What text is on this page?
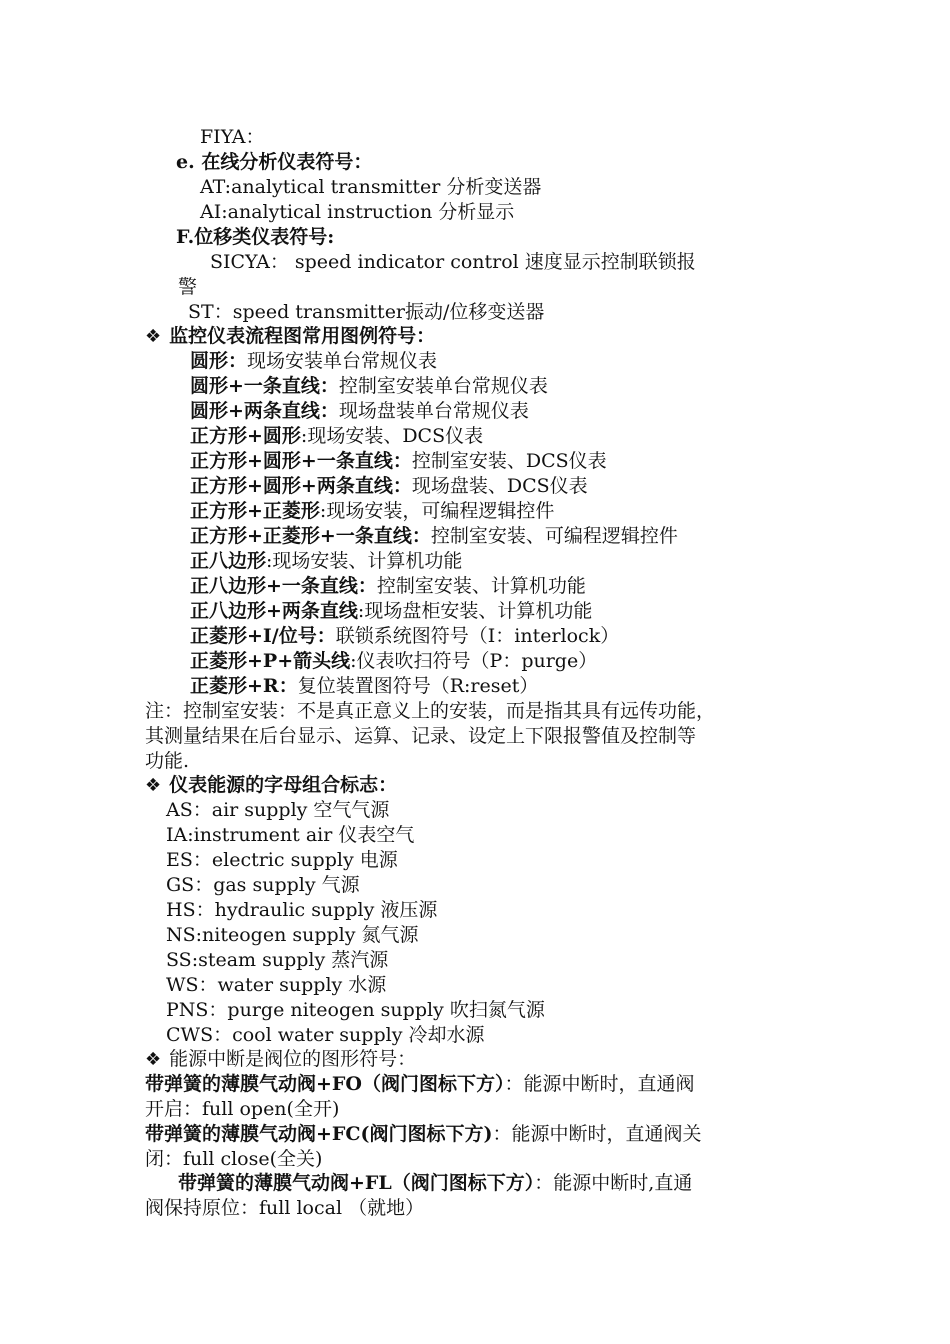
FIYA：
e. 在线分析仪表符号：
AT:analytical transmitter 分析变送器
AI:analytical instruction 分析显示
F.位移类仪表符号:
SICYA： speed indicator control 速度显示控制联锁报
警
ST：speed transmitter振动/位移变送器
❖ 监控仪表流程图常用图例符号：
圆形：现场安装单台常规仪表
圆形+一条直线：控制室安装单台常规仪表
圆形+两条直线：现场盘装单台常规仪表
正方形+圆形:现场安装、DCS仪表
正方形+圆形+一条直线：控制室安装、DCS仪表
正方形+圆形+两条直线：现场盘装、DCS仪表
正方形+正菱形:现场安装，可编程逻辑控件
正方形+正菱形+一条直线：控制室安装、可编程逻辑控件
正八边形:现场安装、计算机功能
正八边形+一条直线：控制室安装、计算机功能
正八边形+两条直线:现场盘柜安装、计算机功能
正菱形+I/位号：联锁系统图符号（I：interlock）
正菱形+P+箭头线:仪表吹扫符号（P：purge）
正菱形+R：复位装置图符号（R:reset）
注：控制室安装：不是真正意义上的安装，而是指其具有远传功能，
其测量结果在后台显示、运算、记录、设定上下限报警值及控制等
功能.
❖ 仪表能源的字母组合标志：
AS：air supply 空气气源
IA:instrument air 仪表空气
ES：electric supply 电源
GS：gas supply 气源
HS：hydraulic supply 液压源
NS:niteogen supply 氮气源
SS:steam supply 蒸汽源
WS：water supply 水源
PNS：purge niteogen supply 吹扫氮气源
CWS：cool water supply 冷却水源
❖ 能源中断是阀位的图形符号：
带弹簧的薄膜气动阀+FO（阀门图标下方）：能源中断时，直通阀
开启：full open(全开)
带弹簧的薄膜气动阀+FC(阀门图标下方)：能源中断时，直通阀关
闭：full close(全关)
带弹簧的薄膜气动阀+FL（阀门图标下方）：能源中断时,直通
阀保持原位：full local （就地）
